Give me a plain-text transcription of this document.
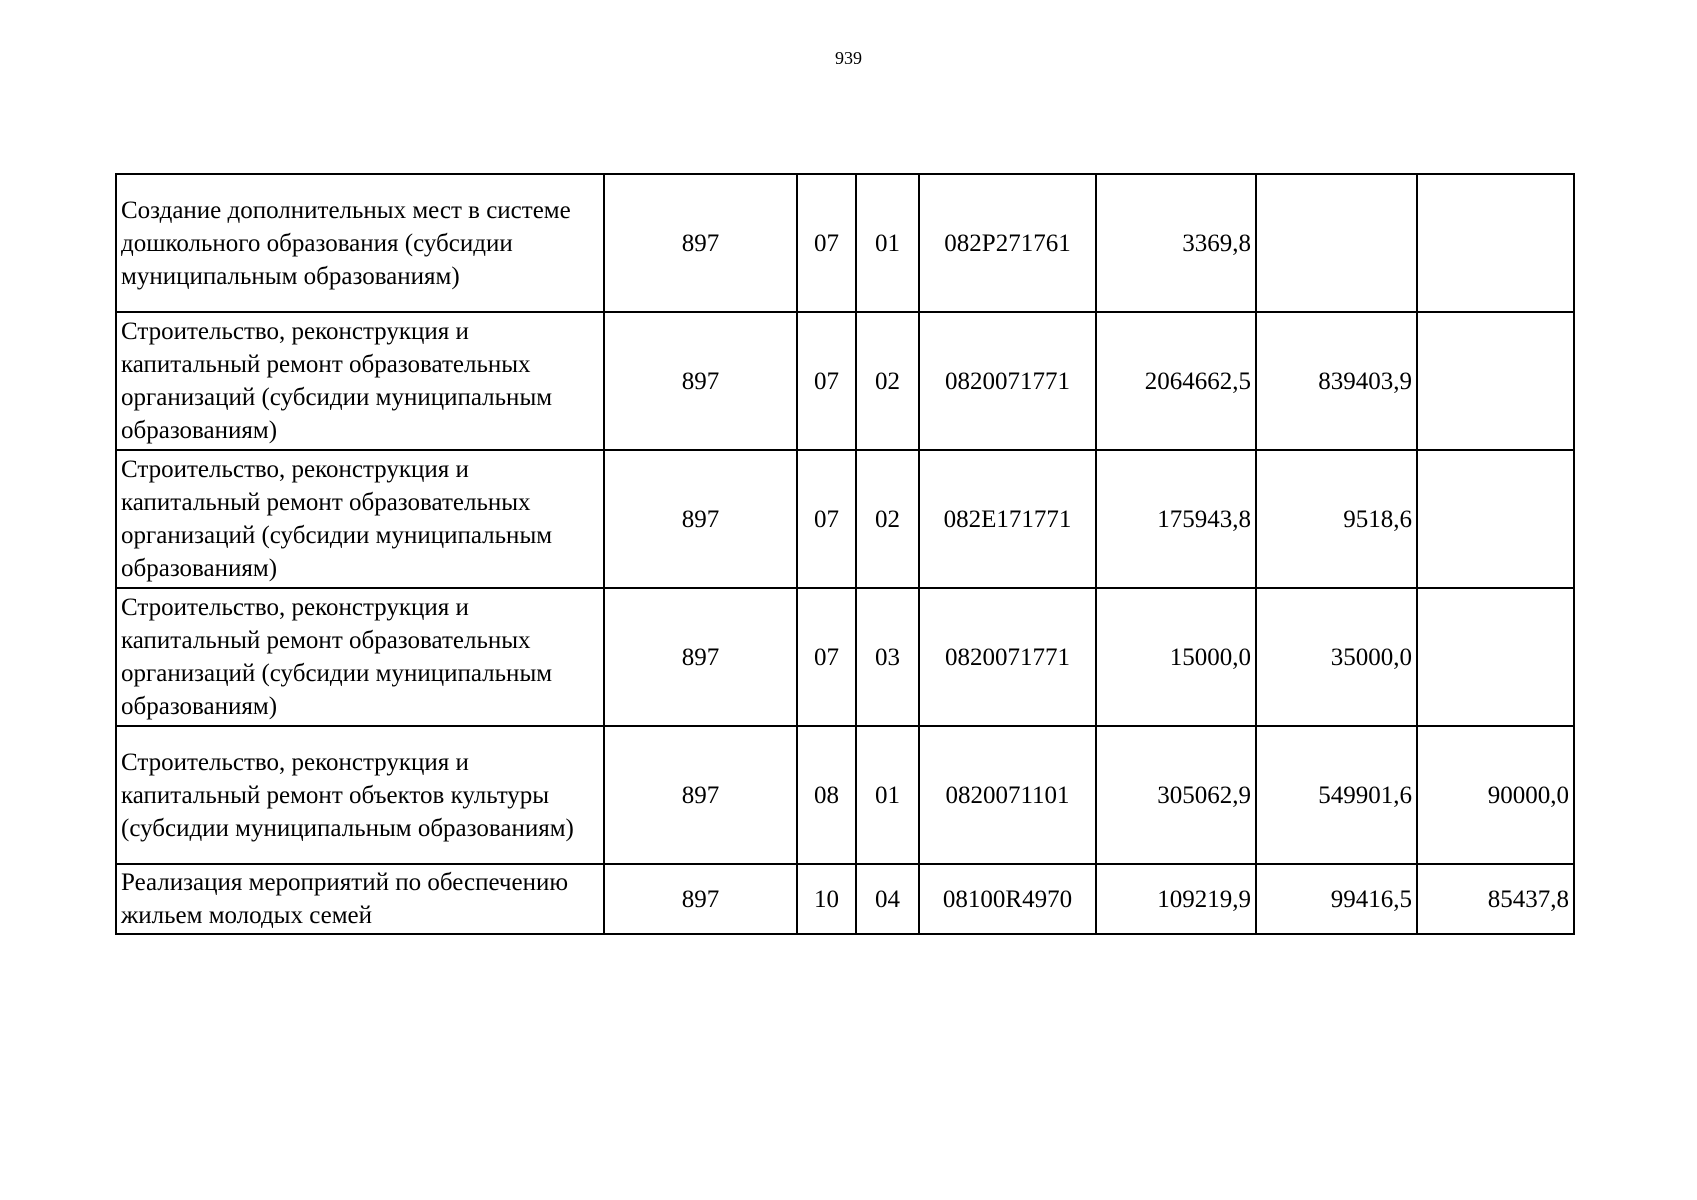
939
Создание дополнительных мест в системе дошкольного образования (субсидии муниципальным образованиям)	897	07	01	082P271761	3369,8		
Строительство, реконструкция и капитальный ремонт образовательных организаций (субсидии муниципальным образованиям)	897	07	02	0820071771	2064662,5	839403,9	
Строительство, реконструкция и капитальный ремонт образовательных организаций (субсидии муниципальным образованиям)	897	07	02	082E171771	175943,8	9518,6	
Строительство, реконструкция и капитальный ремонт образовательных организаций (субсидии муниципальным образованиям)	897	07	03	0820071771	15000,0	35000,0	
Строительство, реконструкция и капитальный ремонт объектов культуры (субсидии муниципальным образованиям)	897	08	01	0820071101	305062,9	549901,6	90000,0
Реализация мероприятий по обеспечению жильем молодых семей	897	10	04	08100R4970	109219,9	99416,5	85437,8
